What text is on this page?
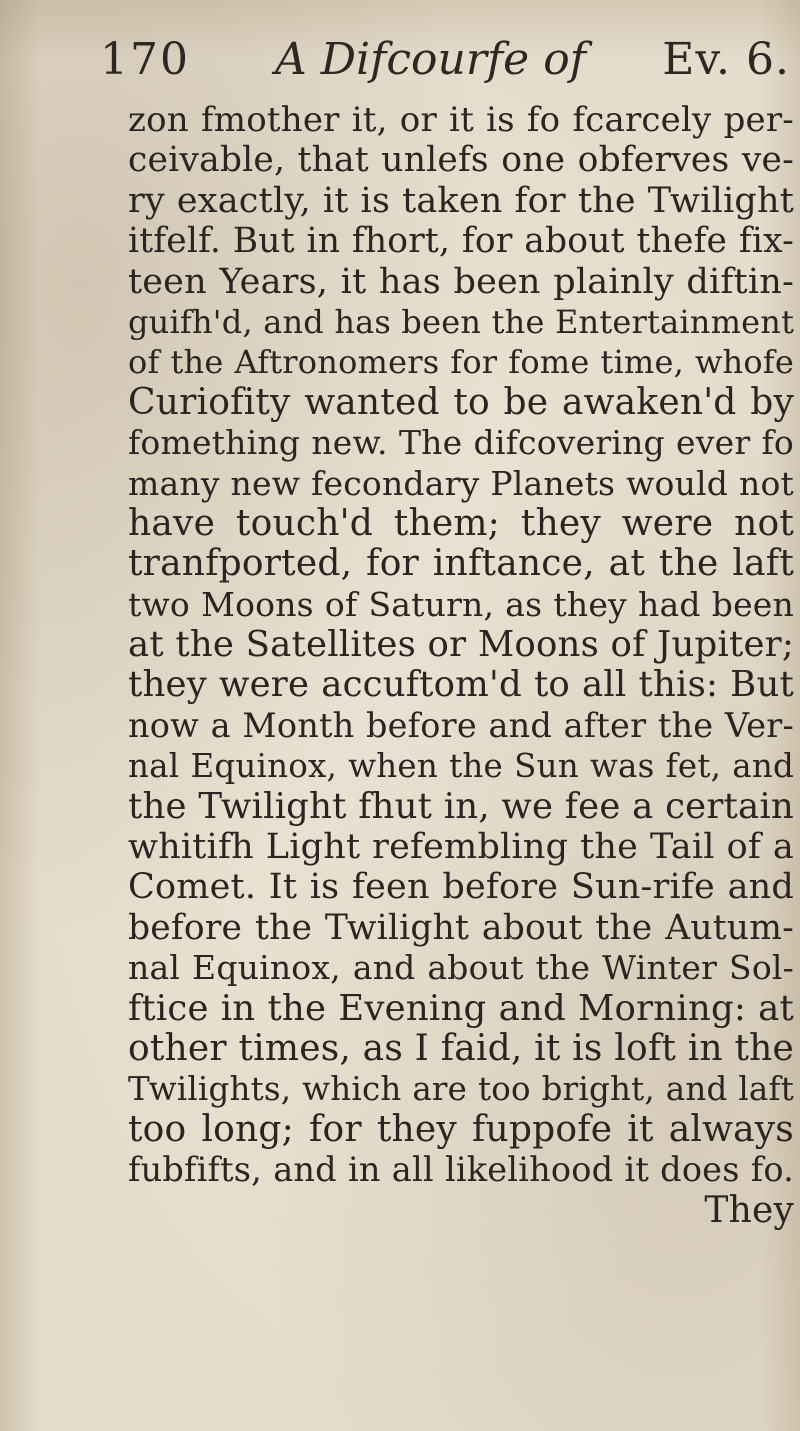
170 A Difcourfe of Ev. 6.
zon fmother it, or it is fo fcarcely per-
ceivable, that unlefs one obferves ve-
ry exactly, it is taken for the Twilight
itfelf. But in fhort, for about thefe fix-
teen Years, it has been plainly diftin-
guifh'd, and has been the Entertainment
of the Aftronomers for fome time, whofe
Curiofity wanted to be awaken'd by
fomething new. The difcovering ever fo
many new fecondary Planets would not
have touch'd them; they were not
tranfported, for inftance, at the laft
two Moons of Saturn, as they had been
at the Satellites or Moons of Jupiter;
they were accuftom'd to all this: But
now a Month before and after the Ver-
nal Equinox, when the Sun was fet, and
the Twilight fhut in, we fee a certain
whitifh Light refembling the Tail of a
Comet. It is feen before Sun-rife and
before the Twilight about the Autum-
nal Equinox, and about the Winter Sol-
ftice in the Evening and Morning: at
other times, as I faid, it is loft in the
Twilights, which are too bright, and laft
too long; for they fuppofe it always
fubfifts, and in all likelihood it does fo.
They
